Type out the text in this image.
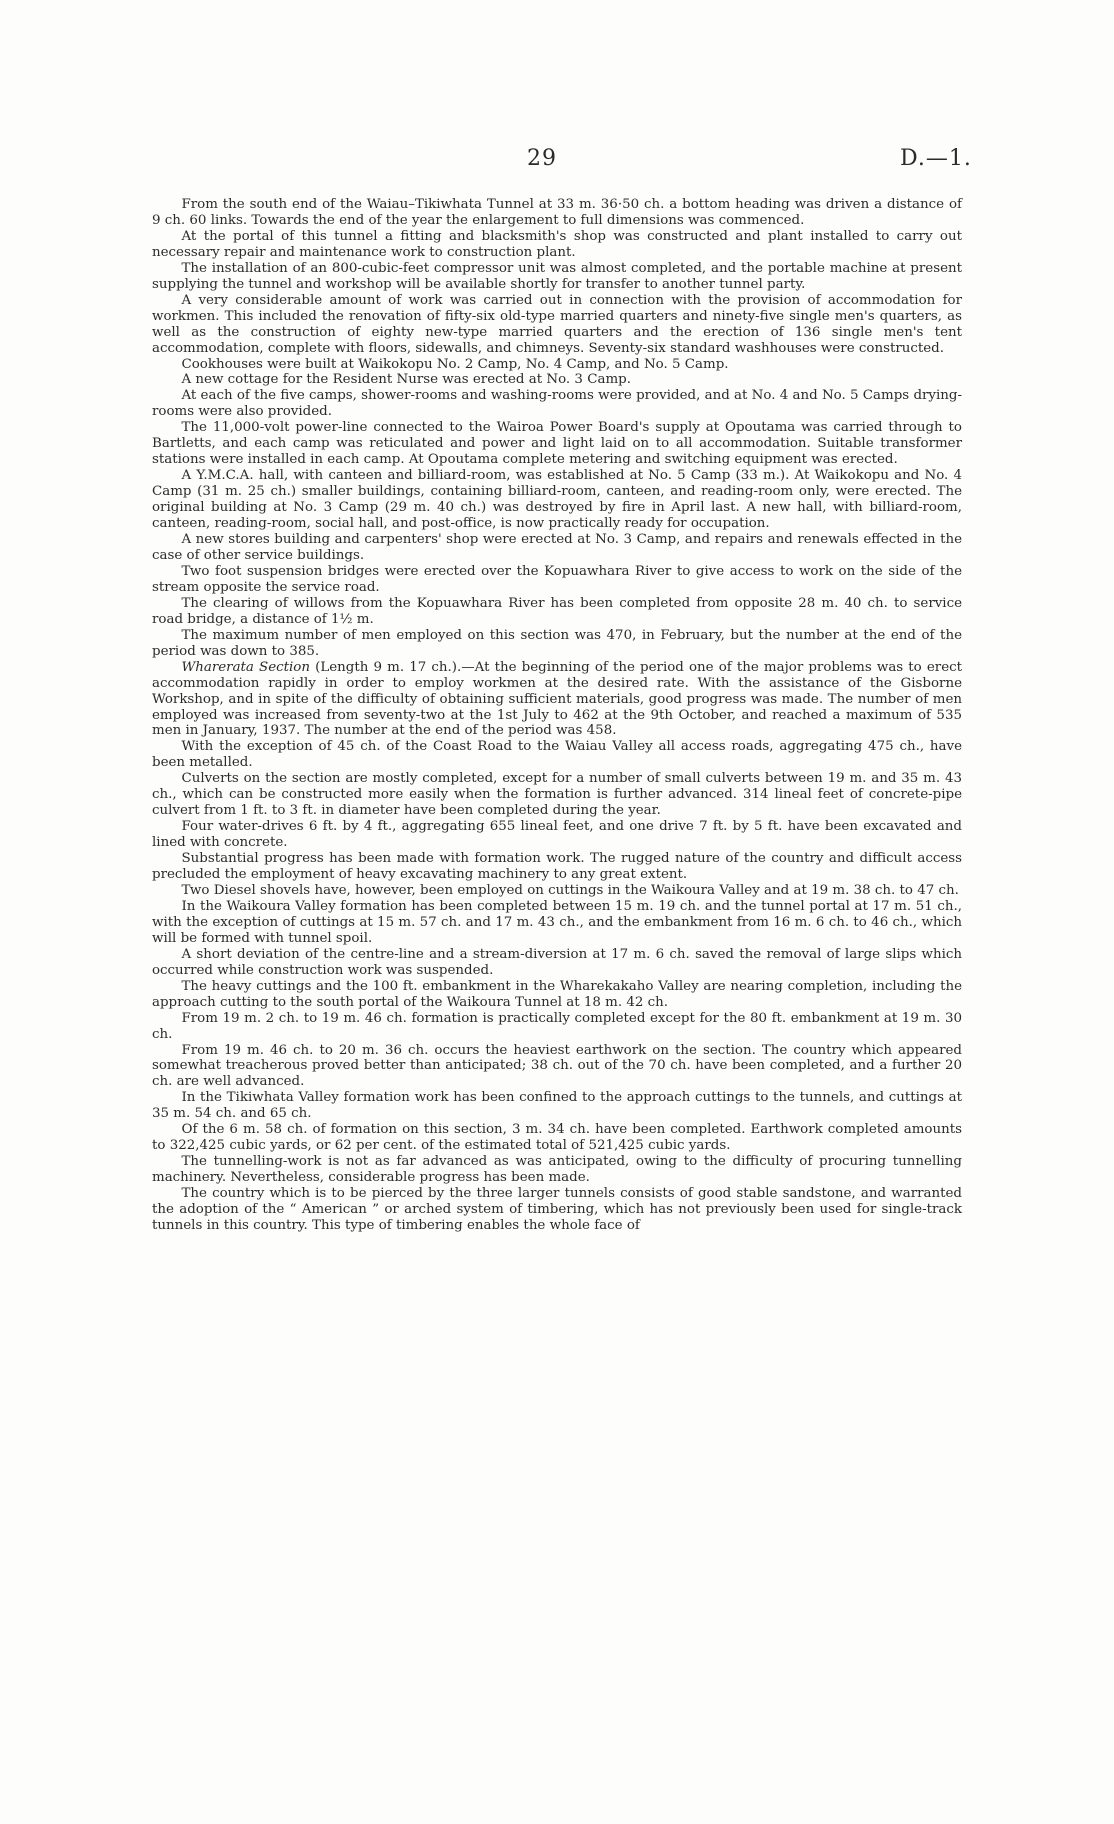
29	D.—1.

From the south end of the Waiau–Tikiwhata Tunnel at 33 m. 36·50 ch. a bottom heading was driven a distance of 9 ch. 60 links. Towards the end of the year the enlargement to full dimensions was commenced.

At the portal of this tunnel a fitting and blacksmith's shop was constructed and plant installed to carry out necessary repair and maintenance work to construction plant.

The installation of an 800-cubic-feet compressor unit was almost completed, and the portable machine at present supplying the tunnel and workshop will be available shortly for transfer to another tunnel party.

A very considerable amount of work was carried out in connection with the provision of accommodation for workmen. This included the renovation of fifty-six old-type married quarters and ninety-five single men's quarters, as well as the construction of eighty new-type married quarters and the erection of 136 single men's tent accommodation, complete with floors, sidewalls, and chimneys. Seventy-six standard washhouses were constructed.

Cookhouses were built at Waikokopu No. 2 Camp, No. 4 Camp, and No. 5 Camp.

A new cottage for the Resident Nurse was erected at No. 3 Camp.

At each of the five camps, shower-rooms and washing-rooms were provided, and at No. 4 and No. 5 Camps drying-rooms were also provided.

The 11,000-volt power-line connected to the Wairoa Power Board's supply at Opoutama was carried through to Bartletts, and each camp was reticulated and power and light laid on to all accommodation. Suitable transformer stations were installed in each camp. At Opoutama complete metering and switching equipment was erected.

A Y.M.C.A. hall, with canteen and billiard-room, was established at No. 5 Camp (33 m.). At Waikokopu and No. 4 Camp (31 m. 25 ch.) smaller buildings, containing billiard-room, canteen, and reading-room only, were erected. The original building at No. 3 Camp (29 m. 40 ch.) was destroyed by fire in April last. A new hall, with billiard-room, canteen, reading-room, social hall, and post-office, is now practically ready for occupation.

A new stores building and carpenters' shop were erected at No. 3 Camp, and repairs and renewals effected in the case of other service buildings.

Two foot suspension bridges were erected over the Kopuawhara River to give access to work on the side of the stream opposite the service road.

The clearing of willows from the Kopuawhara River has been completed from opposite 28 m. 40 ch. to service road bridge, a distance of 1½ m.

The maximum number of men employed on this section was 470, in February, but the number at the end of the period was down to 385.

Wharerata Section (Length 9 m. 17 ch.).—At the beginning of the period one of the major problems was to erect accommodation rapidly in order to employ workmen at the desired rate. With the assistance of the Gisborne Workshop, and in spite of the difficulty of obtaining sufficient materials, good progress was made. The number of men employed was increased from seventy-two at the 1st July to 462 at the 9th October, and reached a maximum of 535 men in January, 1937. The number at the end of the period was 458.

With the exception of 45 ch. of the Coast Road to the Waiau Valley all access roads, aggregating 475 ch., have been metalled.

Culverts on the section are mostly completed, except for a number of small culverts between 19 m. and 35 m. 43 ch., which can be constructed more easily when the formation is further advanced. 314 lineal feet of concrete-pipe culvert from 1 ft. to 3 ft. in diameter have been completed during the year.

Four water-drives 6 ft. by 4 ft., aggregating 655 lineal feet, and one drive 7 ft. by 5 ft. have been excavated and lined with concrete.

Substantial progress has been made with formation work. The rugged nature of the country and difficult access precluded the employment of heavy excavating machinery to any great extent.

Two Diesel shovels have, however, been employed on cuttings in the Waikoura Valley and at 19 m. 38 ch. to 47 ch.

In the Waikoura Valley formation has been completed between 15 m. 19 ch. and the tunnel portal at 17 m. 51 ch., with the exception of cuttings at 15 m. 57 ch. and 17 m. 43 ch., and the embankment from 16 m. 6 ch. to 46 ch., which will be formed with tunnel spoil.

A short deviation of the centre-line and a stream-diversion at 17 m. 6 ch. saved the removal of large slips which occurred while construction work was suspended.

The heavy cuttings and the 100 ft. embankment in the Wharekakaho Valley are nearing completion, including the approach cutting to the south portal of the Waikoura Tunnel at 18 m. 42 ch.

From 19 m. 2 ch. to 19 m. 46 ch. formation is practically completed except for the 80 ft. embankment at 19 m. 30 ch.

From 19 m. 46 ch. to 20 m. 36 ch. occurs the heaviest earthwork on the section. The country which appeared somewhat treacherous proved better than anticipated; 38 ch. out of the 70 ch. have been completed, and a further 20 ch. are well advanced.

In the Tikiwhata Valley formation work has been confined to the approach cuttings to the tunnels, and cuttings at 35 m. 54 ch. and 65 ch.

Of the 6 m. 58 ch. of formation on this section, 3 m. 34 ch. have been completed. Earthwork completed amounts to 322,425 cubic yards, or 62 per cent. of the estimated total of 521,425 cubic yards.

The tunnelling-work is not as far advanced as was anticipated, owing to the difficulty of procuring tunnelling machinery. Nevertheless, considerable progress has been made.

The country which is to be pierced by the three larger tunnels consists of good stable sandstone, and warranted the adoption of the “ American ” or arched system of timbering, which has not previously been used for single-track tunnels in this country. This type of timbering enables the whole face of
